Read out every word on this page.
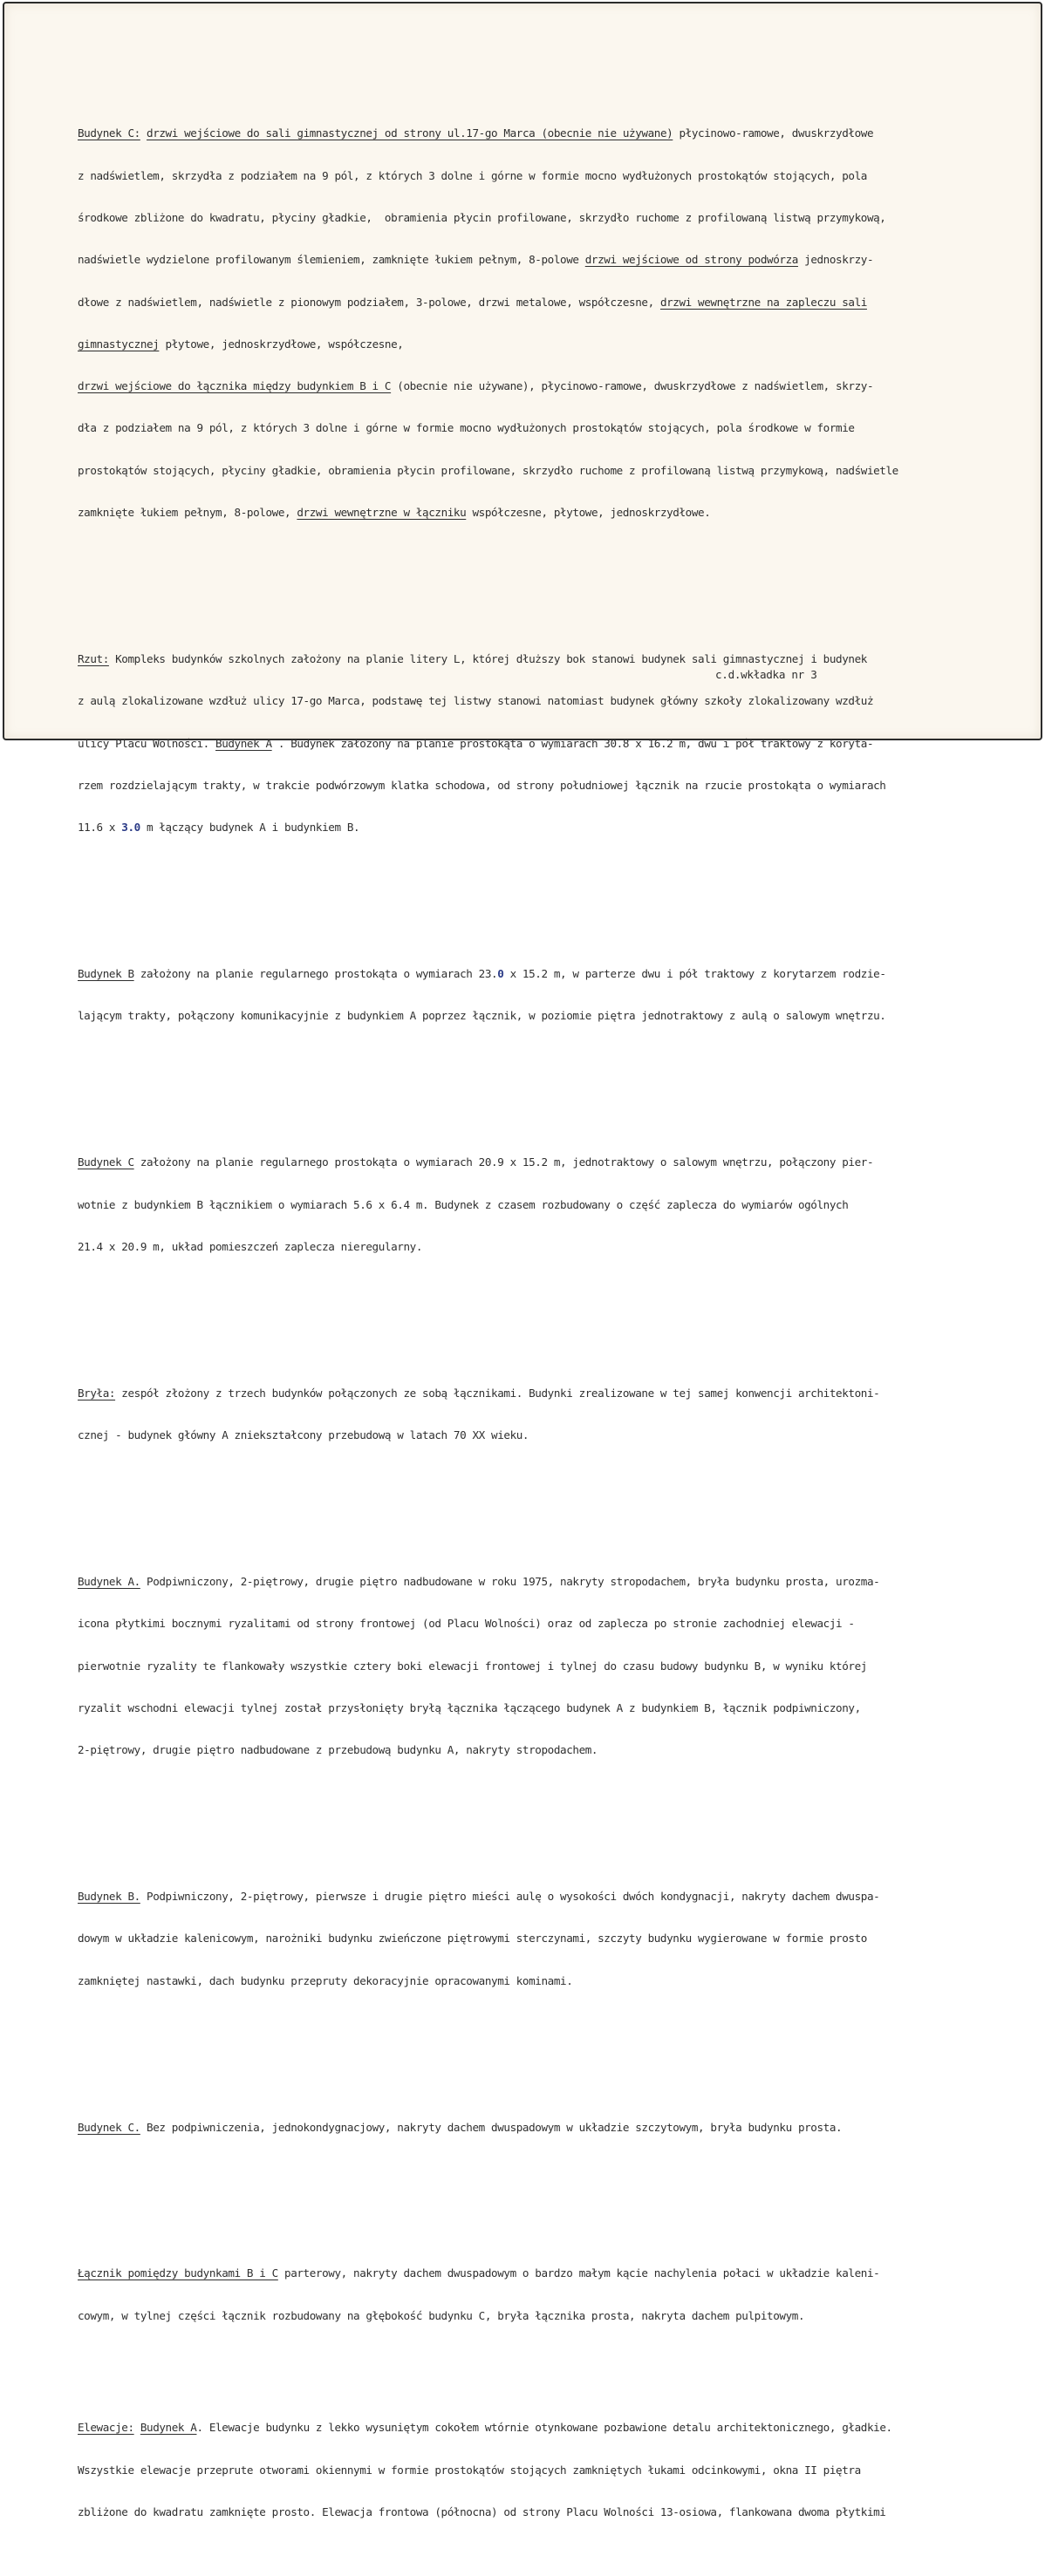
Budynek C: drzwi wejściowe do sali gimnastycznej od strony ul.17-go Marca (obecnie nie używane) płycinowo-ramowe, dwuskrzydłowe

z nadświetlem, skrzydła z podziałem na 9 pól, z których 3 dolne i górne w formie mocno wydłużonych prostokątów stojących, pola

środkowe zbliżone do kwadratu, płyciny gładkie,  obramienia płycin profilowane, skrzydło ruchome z profilowaną listwą przymykową,

nadświetle wydzielone profilowanym ślemieniem, zamknięte łukiem pełnym, 8-polowe drzwi wejściowe od strony podwórza jednoskrzy-

dłowe z nadświetlem, nadświetle z pionowym podziałem, 3-polowe, drzwi metalowe, współczesne, drzwi wewnętrzne na zapleczu sali

gimnastycznej płytowe, jednoskrzydłowe, współczesne,

drzwi wejściowe do łącznika między budynkiem B i C (obecnie nie używane), płycinowo-ramowe, dwuskrzydłowe z nadświetlem, skrzy-

dła z podziałem na 9 pól, z których 3 dolne i górne w formie mocno wydłużonych prostokątów stojących, pola środkowe w formie

prostokątów stojących, płyciny gładkie, obramienia płycin profilowane, skrzydło ruchome z profilowaną listwą przymykową, nadświetle

zamknięte łukiem pełnym, 8-polowe, drzwi wewnętrzne w łączniku współczesne, płytowe, jednoskrzydłowe.

Rzut: Kompleks budynków szkolnych założony na planie litery L, której dłuższy bok stanowi budynek sali gimnastycznej i budynek

z aulą zlokalizowane wzdłuż ulicy 17-go Marca, podstawę tej listwy stanowi natomiast budynek główny szkoły zlokalizowany wzdłuż

ulicy Placu Wolności. Budynek A . Budynek założony na planie prostokąta o wymiarach 30.8 x 16.2 m, dwu i pół traktowy z koryta-

rzem rozdzielającym trakty, w trakcie podwórzowym klatka schodowa, od strony południowej łącznik na rzucie prostokąta o wymiarach

11.6 x 3.0 m łączący budynek A i budynkiem B.

Budynek B założony na planie regularnego prostokąta o wymiarach 23.0 x 15.2 m, w parterze dwu i pół traktowy z korytarzem rodzie-

lającym trakty, połączony komunikacyjnie z budynkiem A poprzez łącznik, w poziomie piętra jednotraktowy z aulą o salowym wnętrzu.

Budynek C założony na planie regularnego prostokąta o wymiarach 20.9 x 15.2 m, jednotraktowy o salowym wnętrzu, połączony pier-

wotnie z budynkiem B łącznikiem o wymiarach 5.6 x 6.4 m. Budynek z czasem rozbudowany o część zaplecza do wymiarów ogólnych

21.4 x 20.9 m, układ pomieszczeń zaplecza nieregularny.

Bryła: zespół złożony z trzech budynków połączonych ze sobą łącznikami. Budynki zrealizowane w tej samej konwencji architektoni-

cznej - budynek główny A zniekształcony przebudową w latach 70 XX wieku.

Budynek A. Podpiwniczony, 2-piętrowy, drugie piętro nadbudowane w roku 1975, nakryty stropodachem, bryła budynku prosta, urozma-

icona płytkimi bocznymi ryzalitami od strony frontowej (od Placu Wolności) oraz od zaplecza po stronie zachodniej elewacji -

pierwotnie ryzality te flankowały wszystkie cztery boki elewacji frontowej i tylnej do czasu budowy budynku B, w wyniku której

ryzalit wschodni elewacji tylnej został przysłonięty bryłą łącznika łączącego budynek A z budynkiem B, łącznik podpiwniczony,

2-piętrowy, drugie piętro nadbudowane z przebudową budynku A, nakryty stropodachem.

Budynek B. Podpiwniczony, 2-piętrowy, pierwsze i drugie piętro mieści aulę o wysokości dwóch kondygnacji, nakryty dachem dwuspa-

dowym w układzie kalenicowym, narożniki budynku zwieńczone piętrowymi sterczynami, szczyty budynku wygierowane w formie prosto

zamkniętej nastawki, dach budynku przepruty dekoracyjnie opracowanymi kominami.

Budynek C. Bez podpiwniczenia, jednokondygnacjowy, nakryty dachem dwuspadowym w układzie szczytowym, bryła budynku prosta.

Łącznik pomiędzy budynkami B i C parterowy, nakryty dachem dwuspadowym o bardzo małym kącie nachylenia połaci w układzie kaleni-

cowym, w tylnej części łącznik rozbudowany na głębokość budynku C, bryła łącznika prosta, nakryta dachem pulpitowym.

Elewacje: Budynek A. Elewacje budynku z lekko wysuniętym cokołem wtórnie otynkowane pozbawione detalu architektonicznego, gładkie.

Wszystkie elewacje przeprute otworami okiennymi w formie prostokątów stojących zamkniętych łukami odcinkowymi, okna II piętra

zbliżone do kwadratu zamknięte prosto. Elewacja frontowa (północna) od strony Placu Wolności 13-osiowa, flankowana dwoma płytkimi

c.d.wkładka nr 3
